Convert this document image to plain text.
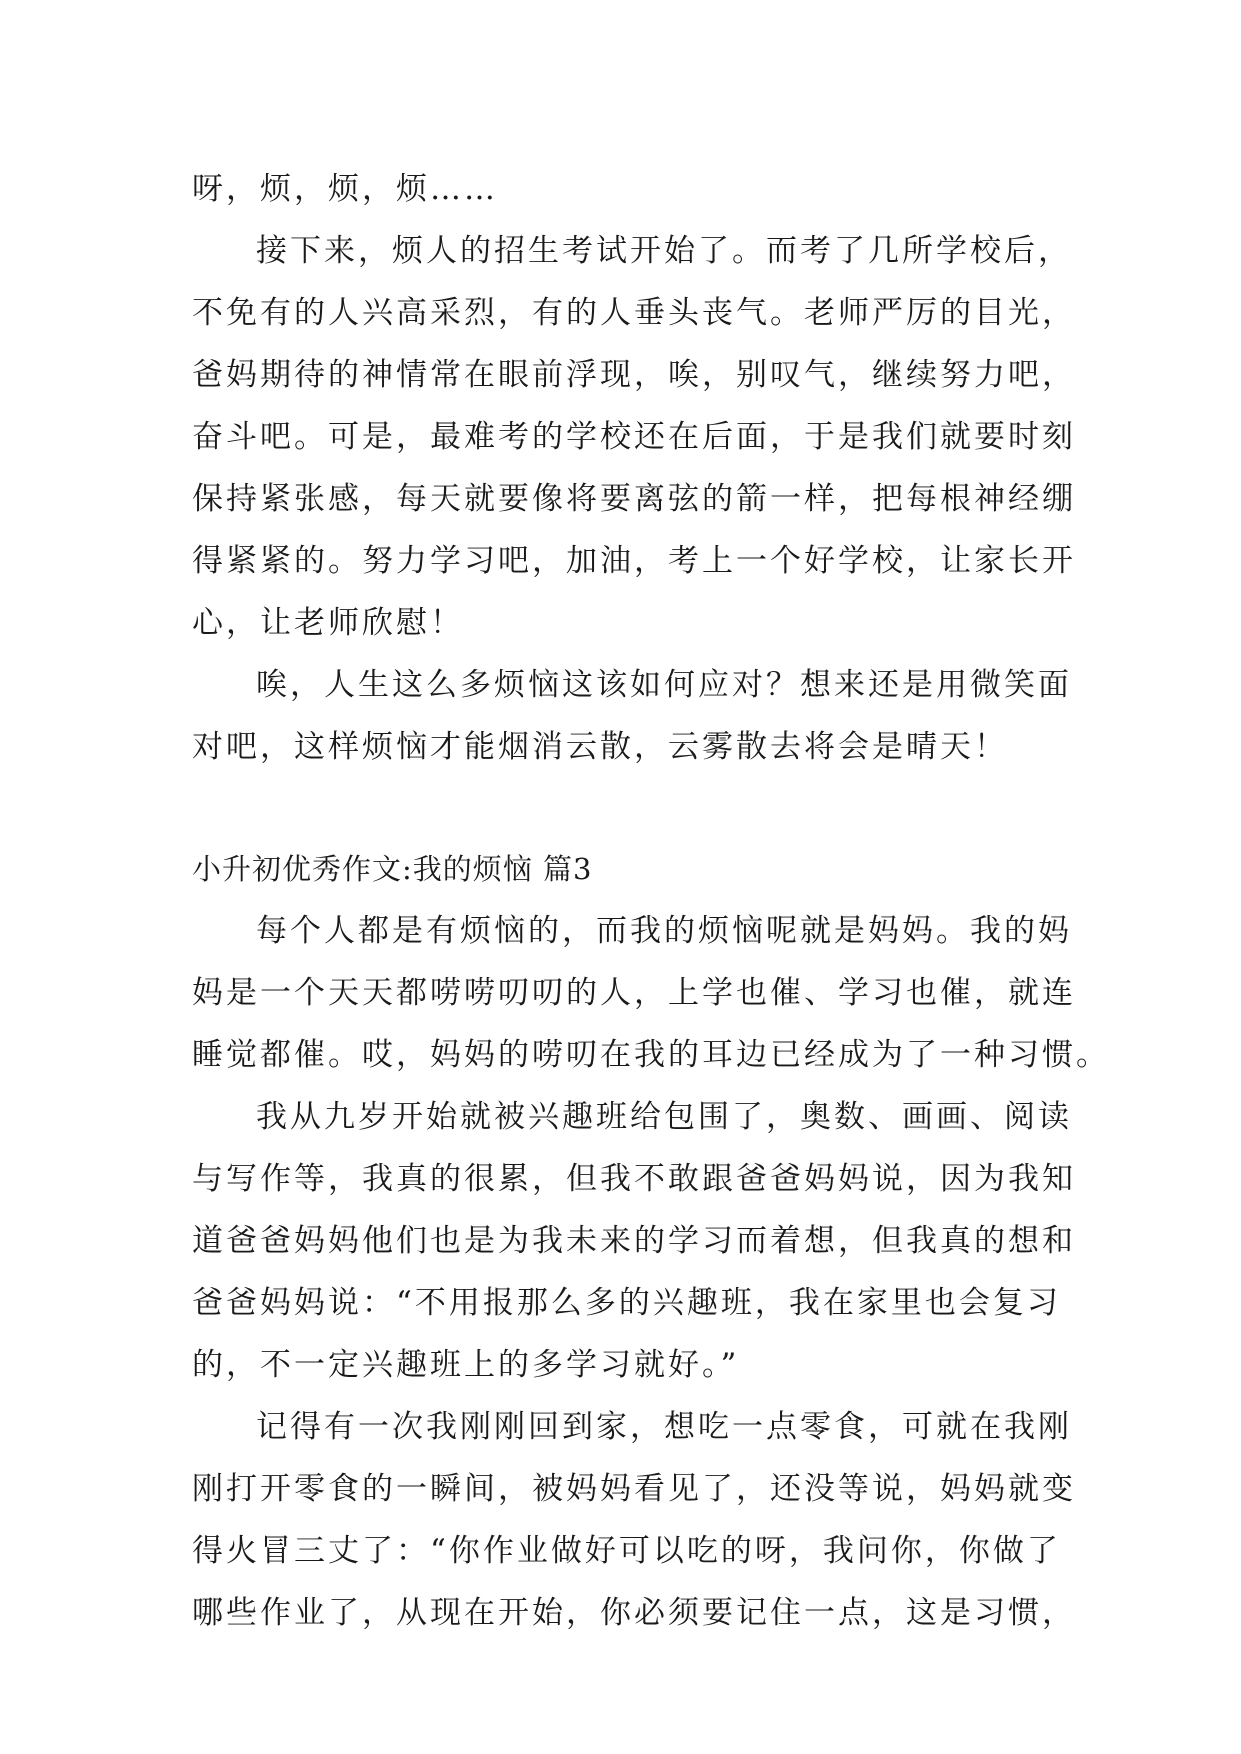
呀，烦，烦，烦……
接下来，烦人的招生考试开始了。而考了几所学校后，
不免有的人兴高采烈，有的人垂头丧气。老师严厉的目光，
爸妈期待的神情常在眼前浮现，唉，别叹气，继续努力吧，
奋斗吧。可是，最难考的学校还在后面，于是我们就要时刻
保持紧张感，每天就要像将要离弦的箭一样，把每根神经绷
得紧紧的。努力学习吧，加油，考上一个好学校，让家长开
心，让老师欣慰！
唉，人生这么多烦恼这该如何应对？想来还是用微笑面
对吧，这样烦恼才能烟消云散，云雾散去将会是晴天！
小升初优秀作文:我的烦恼 篇3
每个人都是有烦恼的，而我的烦恼呢就是妈妈。我的妈
妈是一个天天都唠唠叨叨的人，上学也催、学习也催，就连
睡觉都催。哎，妈妈的唠叨在我的耳边已经成为了一种习惯。
我从九岁开始就被兴趣班给包围了，奥数、画画、阅读
与写作等，我真的很累，但我不敢跟爸爸妈妈说，因为我知
道爸爸妈妈他们也是为我未来的学习而着想，但我真的想和
爸爸妈妈说：“不用报那么多的兴趣班，我在家里也会复习
的，不一定兴趣班上的多学习就好。”
记得有一次我刚刚回到家，想吃一点零食，可就在我刚
刚打开零食的一瞬间，被妈妈看见了，还没等说，妈妈就变
得火冒三丈了：“你作业做好可以吃的呀，我问你，你做了
哪些作业了，从现在开始，你必须要记住一点，这是习惯，
